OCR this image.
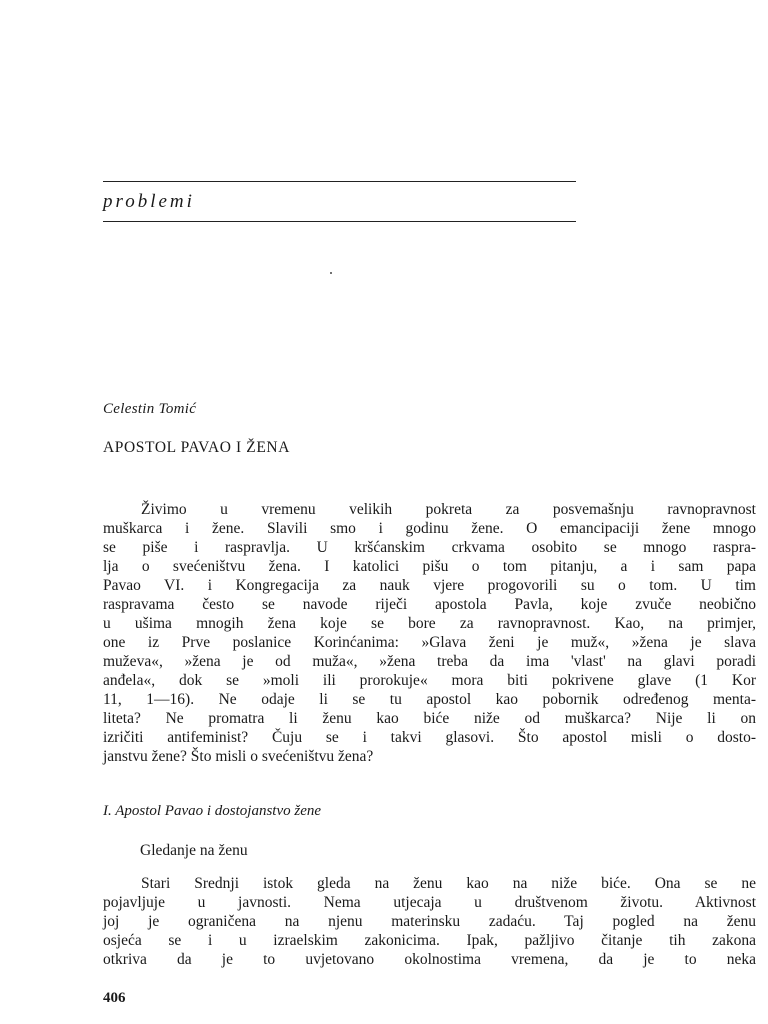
problemi
Celestin Tomić
APOSTOL PAVAO I ŽENA
Živimo u vremenu velikih pokreta za posvemašnju ravnopravnost
muškarca i žene. Slavili smo i godinu žene. O emancipaciji žene mnogo
se piše i raspravlja. U kršćanskim crkvama osobito se mnogo raspra-
lja o svećeništvu žena. I katolici pišu o tom pitanju, a i sam papa
Pavao VI. i Kongregacija za nauk vjere progovorili su o tom. U tim
raspravama često se navode riječi apostola Pavla, koje zvuče neobično
u ušima mnogih žena koje se bore za ravnopravnost. Kao, na primjer,
one iz Prve poslanice Korinćanima: »Glava ženi je muž«, »žena je slava
muževa«, »žena je od muža«, »žena treba da ima 'vlast' na glavi poradi
anđela«, dok se »moli ili prorokuje« mora biti pokrivene glave (1 Kor
11, 1—16). Ne odaje li se tu apostol kao pobornik određenog menta-
liteta? Ne promatra li ženu kao biće niže od muškarca? Nije li on
izričiti antifeminist? Čuju se i takvi glasovi. Što apostol misli o dosto-
janstvu žene? Što misli o svećeništvu žena?
I. Apostol Pavao i dostojanstvo žene
Gledanje na ženu
Stari Srednji istok gleda na ženu kao na niže biće. Ona se ne
pojavljuje u javnosti. Nema utjecaja u društvenom životu. Aktivnost
joj je ograničena na njenu materinsku zadaću. Taj pogled na ženu
osjeća se i u izraelskim zakonicima. Ipak, pažljivo čitanje tih zakona
otkriva da je to uvjetovano okolnostima vremena, da je to neka
406
